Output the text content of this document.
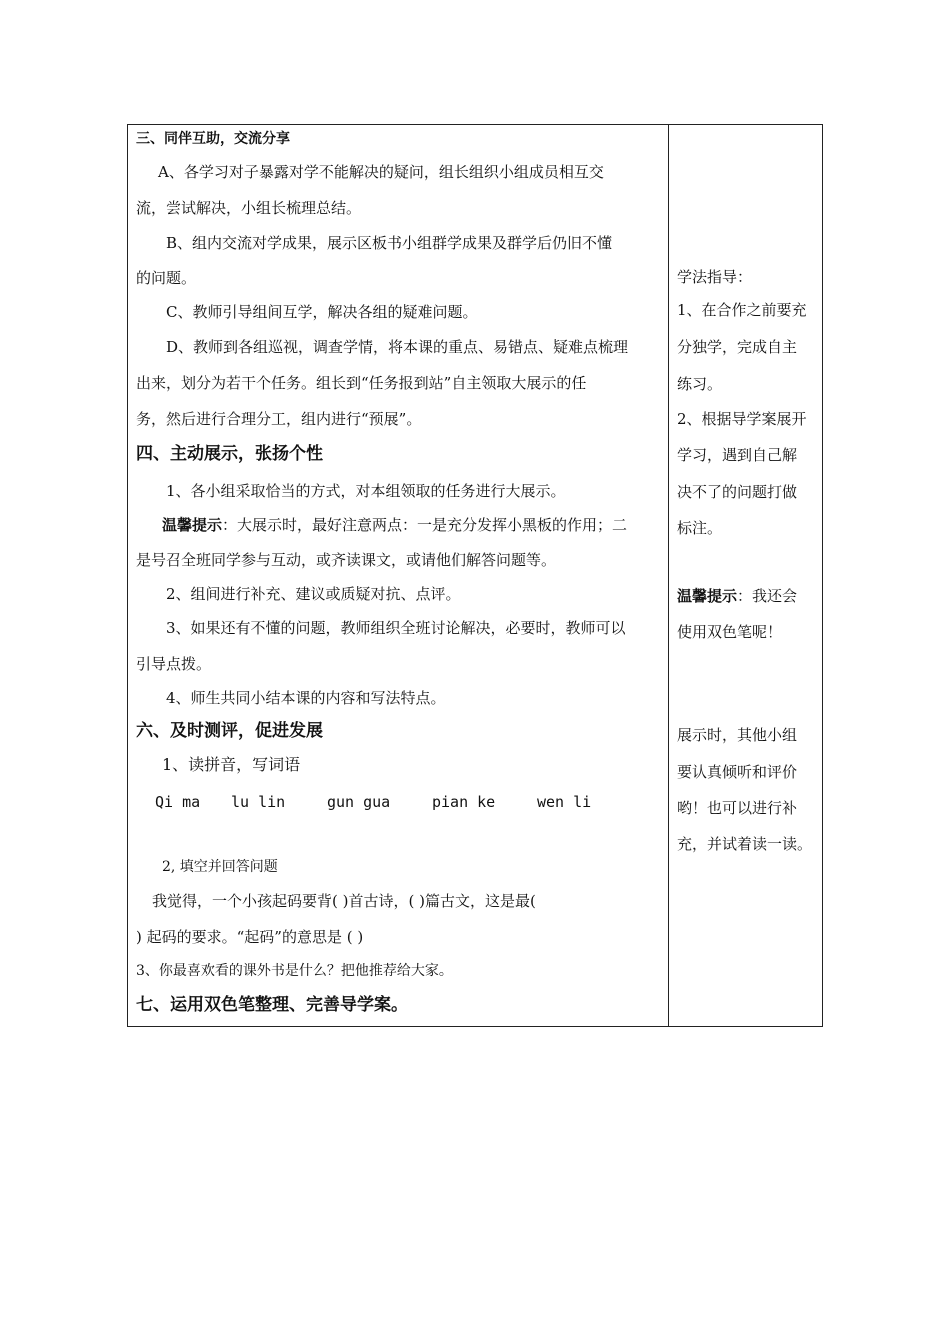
三、同伴互助，交流分享
A、各学习对子暴露对学不能解决的疑问，组长组织小组成员相互交
流，尝试解决，小组长梳理总结。
B、组内交流对学成果，展示区板书小组群学成果及群学后仍旧不懂
的问题。
C、教师引导组间互学，解决各组的疑难问题。
D、教师到各组巡视，调查学情，将本课的重点、易错点、疑难点梳理
出来，划分为若干个任务。组长到“任务报到站”自主领取大展示的任
务，然后进行合理分工，组内进行“预展”。
四、主动展示，张扬个性
1、各小组采取恰当的方式，对本组领取的任务进行大展示。
温馨提示：大展示时，最好注意两点：一是充分发挥小黑板的作用；二
是号召全班同学参与互动，或齐读课文，或请他们解答问题等。
2、组间进行补充、建议或质疑对抗、点评。
3、如果还有不懂的问题，教师组织全班讨论解决，必要时，教师可以
引导点拨。
4、师生共同小结本课的内容和写法特点。
六、及时测评，促进发展
1、读拼音，写词语
Qi ma lu lin	gun gua	pian ke	wen li
2, 填空并回答问题
我觉得，一个小孩起码要背( )首古诗，( )篇古文，这是最(
) 起码的要求。“起码”的意思是 ( )
3、你最喜欢看的课外书是什么？把他推荐给大家。
七、运用双色笔整理、完善导学案。
学法指导：
1、在合作之前要充
分独学，完成自主
练习。
2、根据导学案展开
学习，遇到自己解
决不了的问题打做
标注。
温馨提示：我还会
使用双色笔呢！
展示时，其他小组
要认真倾听和评价
哟！也可以进行补
充，并试着读一读。
